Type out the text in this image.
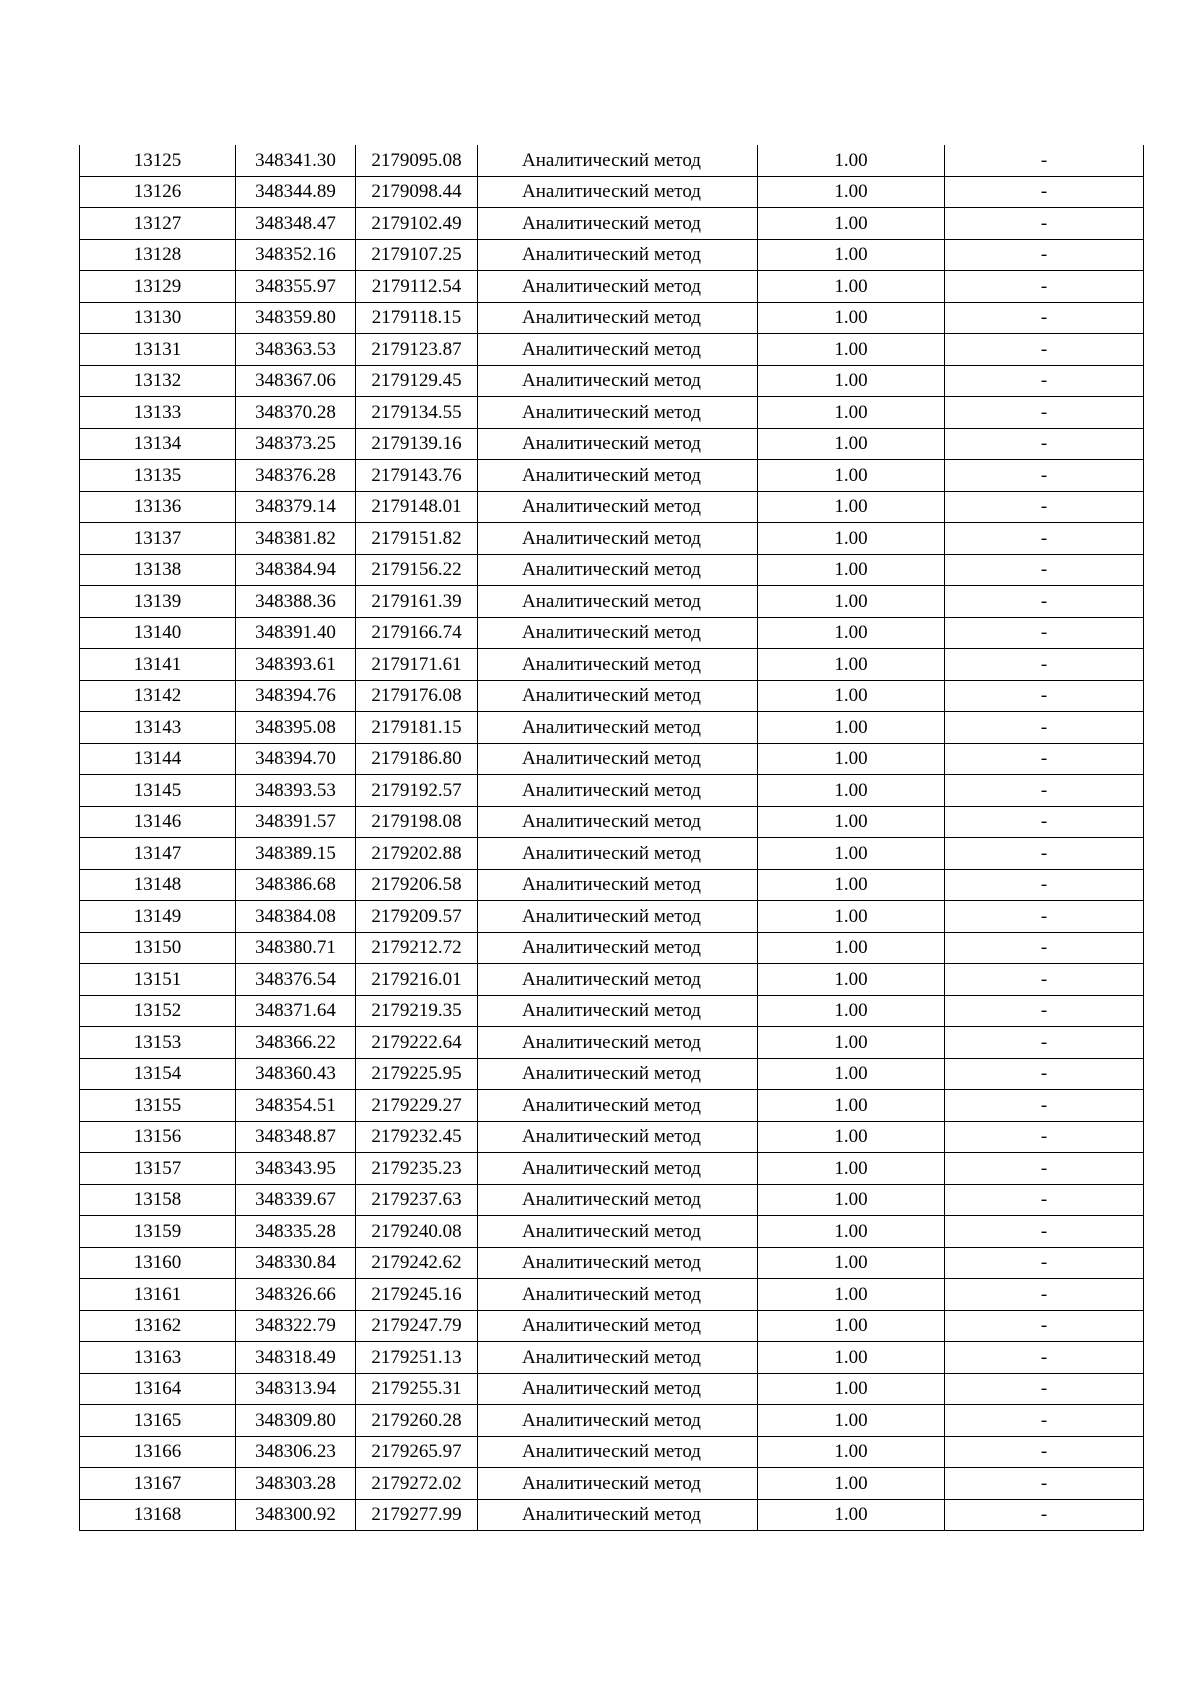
13125	348341.30	2179095.08	Аналитический метод	1.00	-
13126	348344.89	2179098.44	Аналитический метод	1.00	-
13127	348348.47	2179102.49	Аналитический метод	1.00	-
13128	348352.16	2179107.25	Аналитический метод	1.00	-
13129	348355.97	2179112.54	Аналитический метод	1.00	-
13130	348359.80	2179118.15	Аналитический метод	1.00	-
13131	348363.53	2179123.87	Аналитический метод	1.00	-
13132	348367.06	2179129.45	Аналитический метод	1.00	-
13133	348370.28	2179134.55	Аналитический метод	1.00	-
13134	348373.25	2179139.16	Аналитический метод	1.00	-
13135	348376.28	2179143.76	Аналитический метод	1.00	-
13136	348379.14	2179148.01	Аналитический метод	1.00	-
13137	348381.82	2179151.82	Аналитический метод	1.00	-
13138	348384.94	2179156.22	Аналитический метод	1.00	-
13139	348388.36	2179161.39	Аналитический метод	1.00	-
13140	348391.40	2179166.74	Аналитический метод	1.00	-
13141	348393.61	2179171.61	Аналитический метод	1.00	-
13142	348394.76	2179176.08	Аналитический метод	1.00	-
13143	348395.08	2179181.15	Аналитический метод	1.00	-
13144	348394.70	2179186.80	Аналитический метод	1.00	-
13145	348393.53	2179192.57	Аналитический метод	1.00	-
13146	348391.57	2179198.08	Аналитический метод	1.00	-
13147	348389.15	2179202.88	Аналитический метод	1.00	-
13148	348386.68	2179206.58	Аналитический метод	1.00	-
13149	348384.08	2179209.57	Аналитический метод	1.00	-
13150	348380.71	2179212.72	Аналитический метод	1.00	-
13151	348376.54	2179216.01	Аналитический метод	1.00	-
13152	348371.64	2179219.35	Аналитический метод	1.00	-
13153	348366.22	2179222.64	Аналитический метод	1.00	-
13154	348360.43	2179225.95	Аналитический метод	1.00	-
13155	348354.51	2179229.27	Аналитический метод	1.00	-
13156	348348.87	2179232.45	Аналитический метод	1.00	-
13157	348343.95	2179235.23	Аналитический метод	1.00	-
13158	348339.67	2179237.63	Аналитический метод	1.00	-
13159	348335.28	2179240.08	Аналитический метод	1.00	-
13160	348330.84	2179242.62	Аналитический метод	1.00	-
13161	348326.66	2179245.16	Аналитический метод	1.00	-
13162	348322.79	2179247.79	Аналитический метод	1.00	-
13163	348318.49	2179251.13	Аналитический метод	1.00	-
13164	348313.94	2179255.31	Аналитический метод	1.00	-
13165	348309.80	2179260.28	Аналитический метод	1.00	-
13166	348306.23	2179265.97	Аналитический метод	1.00	-
13167	348303.28	2179272.02	Аналитический метод	1.00	-
13168	348300.92	2179277.99	Аналитический метод	1.00	-
